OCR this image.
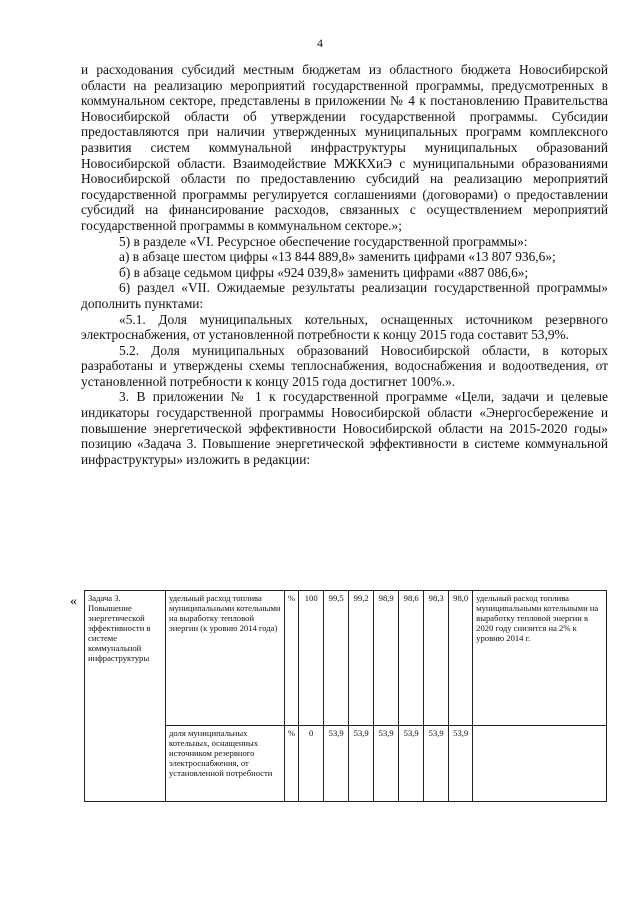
4

и расходования субсидий местным бюджетам из областного бюджета Новосибирской области на реализацию мероприятий государственной программы, предусмотренных в коммунальном секторе, представлены в приложении № 4 к постановлению Правительства Новосибирской области об утверждении государственной программы. Субсидии предоставляются при наличии утвержденных муниципальных программ комплексного развития систем коммунальной инфраструктуры муниципальных образований Новосибирской области. Взаимодействие МЖКХиЭ с муниципальными образованиями Новосибирской области по предоставлению субсидий на реализацию мероприятий государственной программы регулируется соглашениями (договорами) о предоставлении субсидий на финансирование расходов, связанных с осуществлением мероприятий государственной программы в коммунальном секторе.»;

5) в разделе «VI. Ресурсное обеспечение государственной программы»:

а) в абзаце шестом цифры «13 844 889,8» заменить цифрами «13 807 936,6»;

б) в абзаце седьмом цифры «924 039,8» заменить цифрами «887 086,6»;

6) раздел «VII. Ожидаемые результаты реализации государственной программы» дополнить пунктами:

«5.1. Доля муниципальных котельных, оснащенных источником резервного электроснабжения, от установленной потребности к концу 2015 года составит 53,9%.

5.2. Доля муниципальных образований Новосибирской области, в которых разработаны и утверждены схемы теплоснабжения, водоснабжения и водоотведения, от установленной потребности к концу 2015 года достигнет 100%.».

3. В приложении № 1 к государственной программе «Цели, задачи и целевые индикаторы государственной программы Новосибирской области «Энергосбережение и повышение энергетической эффективности Новосибирской области на 2015-2020 годы» позицию «Задача 3. Повышение энергетической эффективности в системе коммунальной инфраструктуры» изложить в редакции:

« Задача 3. Повышение энергетической эффективности в системе коммунальной инфраструктуры	удельный расход топлива муниципальными котельными на выработку тепловой энергии (к уровню 2014 года)	%	100	99,5	99,2	98,9	98,6	98,3	98,0	удельный расход топлива муниципальными котельными на выработку тепловой энергии в 2020 году снизится на 2% к уровню 2014 г.
	доля муниципальных котельных, оснащенных источником резервного электроснабжения, от установленной потребности	%	0	53,9	53,9	53,9	53,9	53,9	53,9	
